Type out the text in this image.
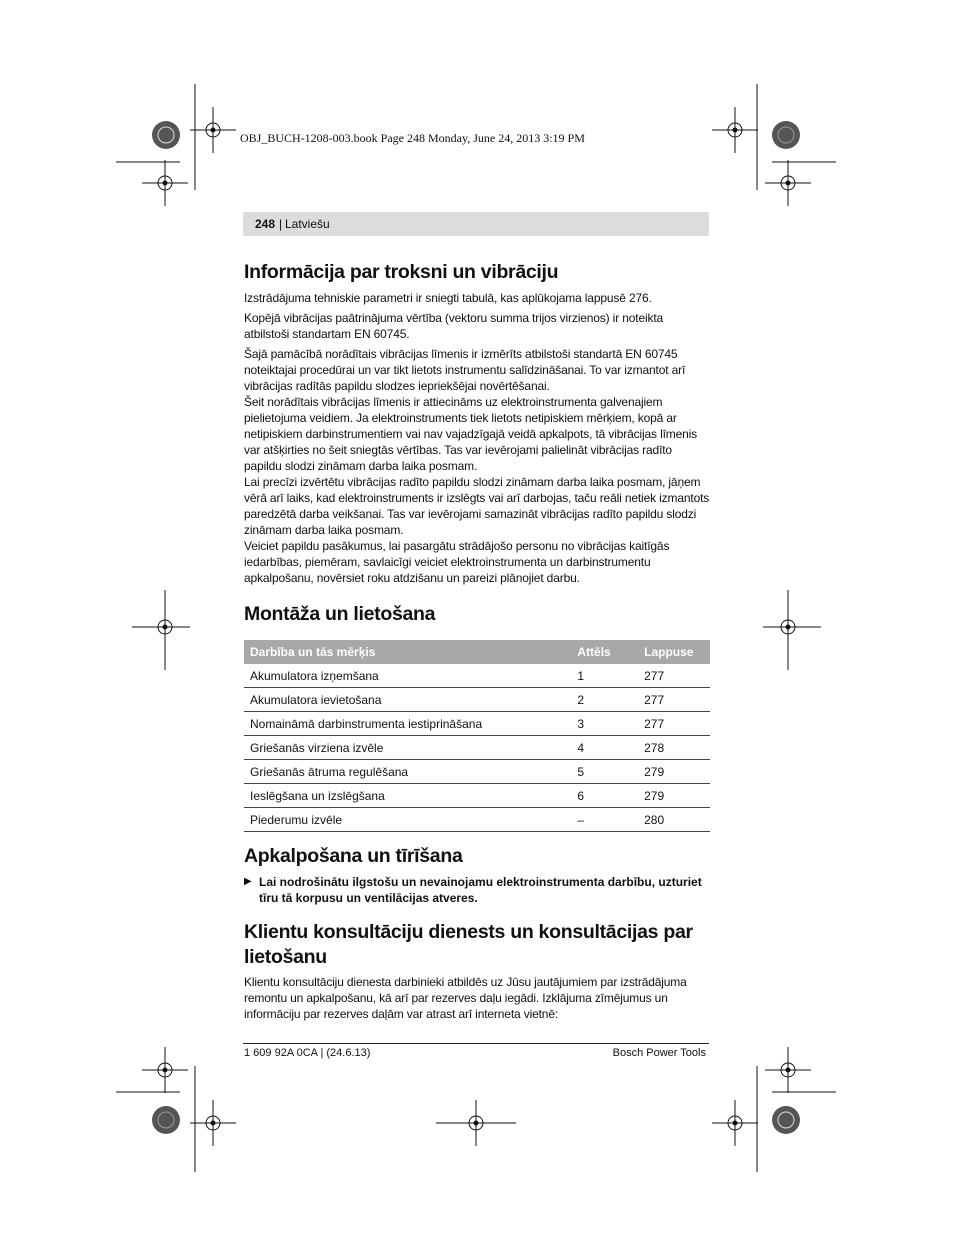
OBJ_BUCH-1208-003.book Page 248 Monday, June 24, 2013 3:19 PM
248 | Latviešu
Informācija par troksni un vibrāciju

Izstrādājuma tehniskie parametri ir sniegti tabulā, kas aplūkojama lappusē 276.

Kopējā vibrācijas paātrinājuma vērtība (vektoru summa trijos virzienos) ir noteikta atbilstoši standartam EN 60745.

Šajā pamācībā norādītais vibrācijas līmenis ir izmērīts atbilstoši standartā EN 60745 noteiktajai procedūrai un var tikt lietots instrumentu salīdzināšanai. To var izmantot arī vibrācijas radītās papildu slodzes iepriekšējai novērtēšanai.

Šeit norādītais vibrācijas līmenis ir attiecināms uz elektroinstrumenta galvenajiem pielietojuma veidiem. Ja elektroinstruments tiek lietots netipiskiem mērķiem, kopā ar netipiskiem darbinstrumentiem vai nav vajadzīgajā veidā apkalpots, tā vibrācijas līmenis var atšķirties no šeit sniegtās vērtības. Tas var ievērojami palielināt vibrācijas radīto papildu slodzi zināmam darba laika posmam.

Lai precīzi izvērtētu vibrācijas radīto papildu slodzi zināmam darba laika posmam, jāņem vērā arī laiks, kad elektroinstruments ir izslēgts vai arī darbojas, taču reāli netiek izmantots paredzētā darba veikšanai. Tas var ievērojami samazināt vibrācijas radīto papildu slodzi zināmam darba laika posmam.

Veiciet papildu pasākumus, lai pasargātu strādājošo personu no vibrācijas kaitīgās iedarbības, piemēram, savlaicīgi veiciet elektroinstrumenta un darbinstrumentu apkalpošanu, novērsiet roku atdzišanu un pareizi plānojiet darbu.

Montāža un lietošana
Darbība un tās mērķis	Attēls	Lappuse
Akumulatora izņemšana	1	277
Akumulatora ievietošana	2	277
Nomaināmā darbinstrumenta iestiprināšana	3	277
Griešanās virziena izvēle	4	278
Griešanās ātruma regulēšana	5	279
Ieslēgšana un izslēgšana	6	279
Piederumu izvēle	–	280
Apkalpošana un tīrīšana
▶ Lai nodrošinātu ilgstošu un nevainojamu elektroinstrumenta darbību, uzturiet tīru tā korpusu un ventilācijas atveres.
Klientu konsultāciju dienests un konsultācijas par lietošanu

Klientu konsultāciju dienesta darbinieki atbildēs uz Jūsu jautājumiem par izstrādājuma remontu un apkalpošanu, kā arī par rezerves daļu iegādi. Izklājuma zīmējumus un informāciju par rezerves daļām var atrast arī interneta vietnē:

1 609 92A 0CA | (24.6.13)	Bosch Power Tools
